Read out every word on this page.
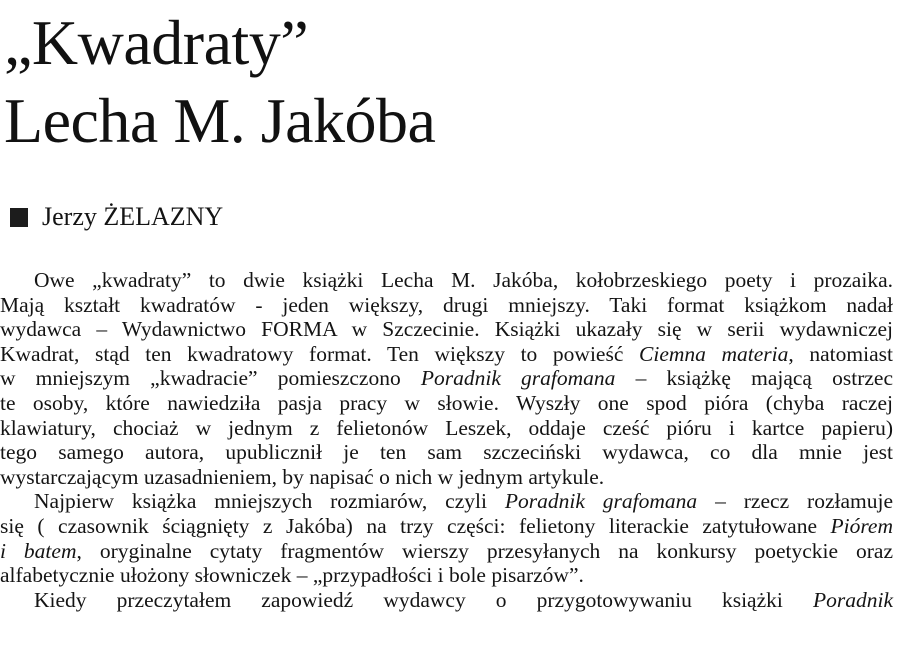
„Kwadraty”
Lecha M. Jakóba
Jerzy ŻELAZNY
Owe „kwadraty” to dwie książki Lecha M. Jakóba, kołobrzeskiego poety i prozaika.
Mają kształt kwadratów - jeden większy, drugi mniejszy. Taki format książkom nadał
wydawca – Wydawnictwo FORMA w Szczecinie. Książki ukazały się w serii wydawniczej
Kwadrat, stąd ten kwadratowy format. Ten większy to powieść Ciemna materia, natomiast
w mniejszym „kwadracie” pomieszczono Poradnik grafomana – książkę mającą ostrzec
te osoby, które nawiedziła pasja pracy w słowie. Wyszły one spod pióra (chyba raczej
klawiatury, chociaż w jednym z felietonów Leszek, oddaje cześć pióru i kartce papieru)
tego samego autora, upublicznił je ten sam szczeciński wydawca, co dla mnie jest
wystarczającym uzasadnieniem, by napisać o nich w jednym artykule.
Najpierw książka mniejszych rozmiarów, czyli Poradnik grafomana – rzecz rozłamuje
się ( czasownik ściągnięty z Jakóba) na trzy części: felietony literackie zatytułowane Piórem
i batem, oryginalne cytaty fragmentów wierszy przesyłanych na konkursy poetyckie oraz
alfabetycznie ułożony słowniczek – „przypadłości i bole pisarzów”.
Kiedy przeczytałem zapowiedź wydawcy o przygotowywaniu książki Poradnik
